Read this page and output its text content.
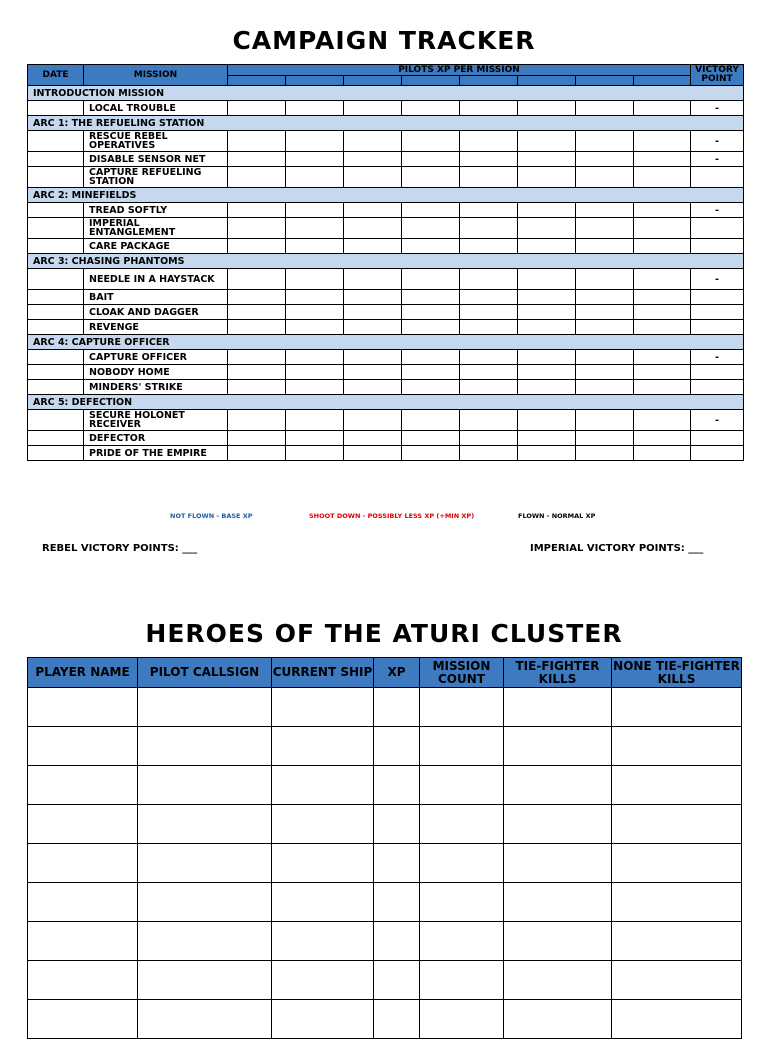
CAMPAIGN TRACKER
DATE	MISSION	PILOTS XP PER MISSION								VICTORY POINT

INTRODUCTION MISSION										
	LOCAL TROUBLE									-
ARC 1: THE REFUELING STATION										
	RESCUE REBEL OPERATIVES									-
	DISABLE SENSOR NET									-
	CAPTURE REFUELING STATION									
ARC 2: MINEFIELDS										
	TREAD SOFTLY									-
	IMPERIAL ENTANGLEMENT									
	CARE PACKAGE									
ARC 3: CHASING PHANTOMS										
	NEEDLE IN A HAYSTACK									-
	BAIT									
	CLOAK AND DAGGER									
	REVENGE									
ARC 4: CAPTURE OFFICER										
	CAPTURE OFFICER									-
	NOBODY HOME									
	MINDERS' STRIKE									
ARC 5: DEFECTION										
	SECURE HOLONET RECEIVER									-
	DEFECTOR									
	PRIDE OF THE EMPIRE									
NOT FLOWN - BASE XP	SHOOT DOWN - POSSIBLY LESS XP (+MIN XP)	FLOWN - NORMAL XP
REBEL VICTORY POINTS: ___	IMPERIAL VICTORY POINTS: ___
HEROES OF THE ATURI CLUSTER
PLAYER NAME	PILOT CALLSIGN	CURRENT SHIP	XP	MISSION COUNT	TIE-FIGHTER KILLS	NONE TIE-FIGHTER KILLS
